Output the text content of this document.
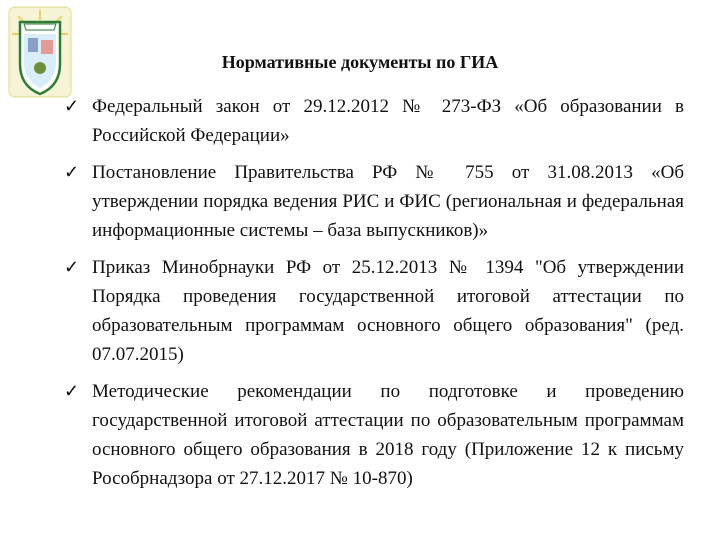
Нормативные документы по ГИА
✓ Федеральный закон от 29.12.2012 № 273-ФЗ «Об образовании в Российской Федерации»
✓ Постановление Правительства РФ № 755 от 31.08.2013 «Об утверждении порядка ведения РИС и ФИС (региональная и федеральная информационные системы – база выпускников)»
✓ Приказ Минобрнауки РФ от 25.12.2013 № 1394 "Об утверждении Порядка проведения государственной итоговой аттестации по образовательным программам основного общего образования" (ред. 07.07.2015)
✓ Методические рекомендации по подготовке и проведению государственной итоговой аттестации по образовательным программам основного общего образования в 2018 году (Приложение 12 к письму Рособрнадзора от 27.12.2017 № 10-870)
